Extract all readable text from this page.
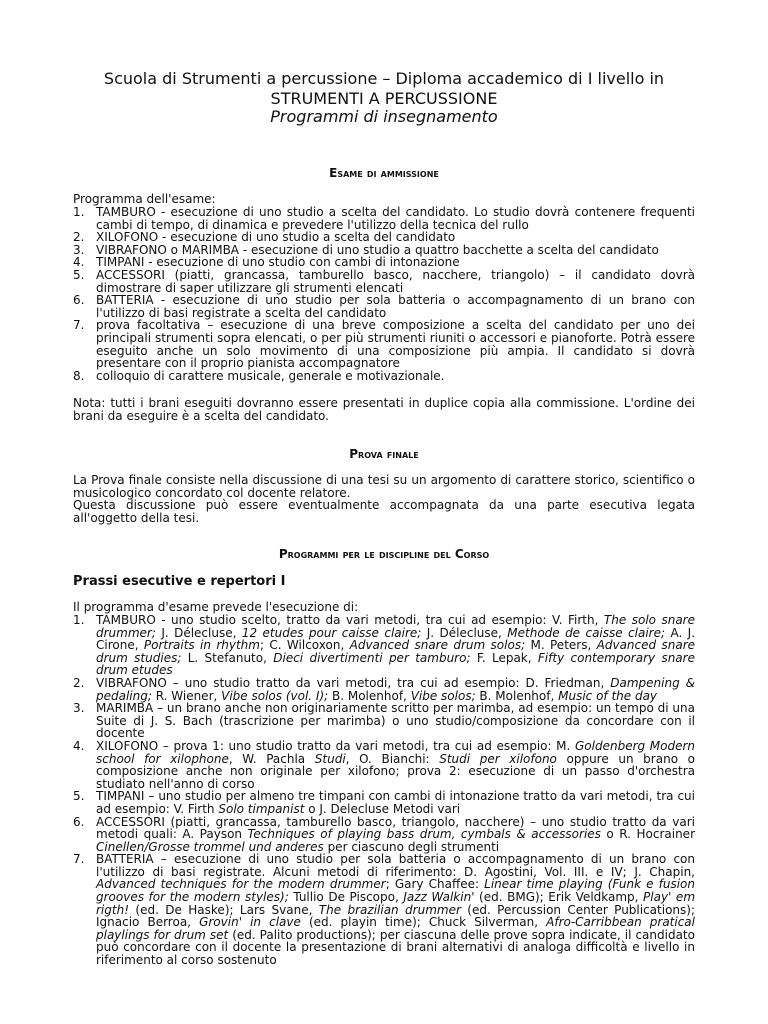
Scuola di Strumenti a percussione – Diploma accademico di I livello in
STRUMENTI A PERCUSSIONE
Programmi di insegnamento
Esame di ammissione
Programma dell'esame:
1. TAMBURO - esecuzione di uno studio a scelta del candidato. Lo studio dovrà contenere frequenti cambi di tempo, di dinamica e prevedere l'utilizzo della tecnica del rullo
2. XILOFONO - esecuzione di uno studio a scelta del candidato
3. VIBRAFONO o MARIMBA - esecuzione di uno studio a quattro bacchette a scelta del candidato
4. TIMPANI - esecuzione di uno studio con cambi di intonazione
5. ACCESSORI (piatti, grancassa, tamburello basco, nacchere, triangolo) – il candidato dovrà dimostrare di saper utilizzare gli strumenti elencati
6. BATTERIA - esecuzione di uno studio per sola batteria o accompagnamento di un brano con l'utilizzo di basi registrate a scelta del candidato
7. prova facoltativa – esecuzione di una breve composizione a scelta del candidato per uno dei principali strumenti sopra elencati, o per più strumenti riuniti o accessori e pianoforte. Potrà essere eseguito anche un solo movimento di una composizione più ampia. Il candidato si dovrà presentare con il proprio pianista accompagnatore
8. colloquio di carattere musicale, generale e motivazionale.
Nota: tutti i brani eseguiti dovranno essere presentati in duplice copia alla commissione. L'ordine dei brani da eseguire è a scelta del candidato.
Prova finale
La Prova finale consiste nella discussione di una tesi su un argomento di carattere storico, scientifico o musicologico concordato col docente relatore.
Questa discussione può essere eventualmente accompagnata da una parte esecutiva legata all'oggetto della tesi.
Programmi per le discipline del Corso
Prassi esecutive e repertori I
Il programma d'esame prevede l'esecuzione di:
1. TAMBURO - uno studio scelto, tratto da vari metodi, tra cui ad esempio: V. Firth, The solo snare drummer; J. Délecluse, 12 etudes pour caisse claire; J. Délecluse, Methode de caisse claire; A. J. Cirone, Portraits in rhythm; C. Wilcoxon, Advanced snare drum solos; M. Peters, Advanced snare drum studies; L. Stefanuto, Dieci divertimenti per tamburo; F. Lepak, Fifty contemporary snare drum etudes
2. VIBRAFONO – uno studio tratto da vari metodi, tra cui ad esempio: D. Friedman, Dampening & pedaling; R. Wiener, Vibe solos (vol. I); B. Molenhof, Vibe solos; B. Molenhof, Music of the day
3. MARIMBA – un brano anche non originariamente scritto per marimba, ad esempio: un tempo di una Suite di J. S. Bach (trascrizione per marimba) o uno studio/composizione da concordare con il docente
4. XILOFONO – prova 1: uno studio tratto da vari metodi, tra cui ad esempio: M. Goldenberg Modern school for xilophone, W. Pachla Studi, O. Bianchi: Studi per xilofono oppure un brano o composizione anche non originale per xilofono; prova 2: esecuzione di un passo d'orchestra studiato nell'anno di corso
5. TIMPANI – uno studio per almeno tre timpani con cambi di intonazione tratto da vari metodi, tra cui ad esempio: V. Firth Solo timpanist o J. Delecluse Metodi vari
6. ACCESSORI (piatti, grancassa, tamburello basco, triangolo, nacchere) – uno studio tratto da vari metodi quali: A. Payson Techniques of playing bass drum, cymbals & accessories o R. Hocrainer Cinellen/Grosse trommel und anderes per ciascuno degli strumenti
7. BATTERIA – esecuzione di uno studio per sola batteria o accompagnamento di un brano con l'utilizzo di basi registrate. Alcuni metodi di riferimento: D. Agostini, Vol. III. e IV; J. Chapin, Advanced techniques for the modern drummer; Gary Chaffee: Linear time playing (Funk e fusion grooves for the modern styles); Tullio De Piscopo, Jazz Walkin' (ed. BMG); Erik Veldkamp, Play' em rigth! (ed. De Haske); Lars Svane, The brazilian drummer (ed. Percussion Center Publications); Ignacio Berroa, Grovin' in clave (ed. playin time); Chuck Silverman, Afro-Carribbean pratical playlings for drum set (ed. Palito productions); per ciascuna delle prove sopra indicate, il candidato può concordare con il docente la presentazione di brani alternativi di analoga difficoltà e livello in riferimento al corso sostenuto
